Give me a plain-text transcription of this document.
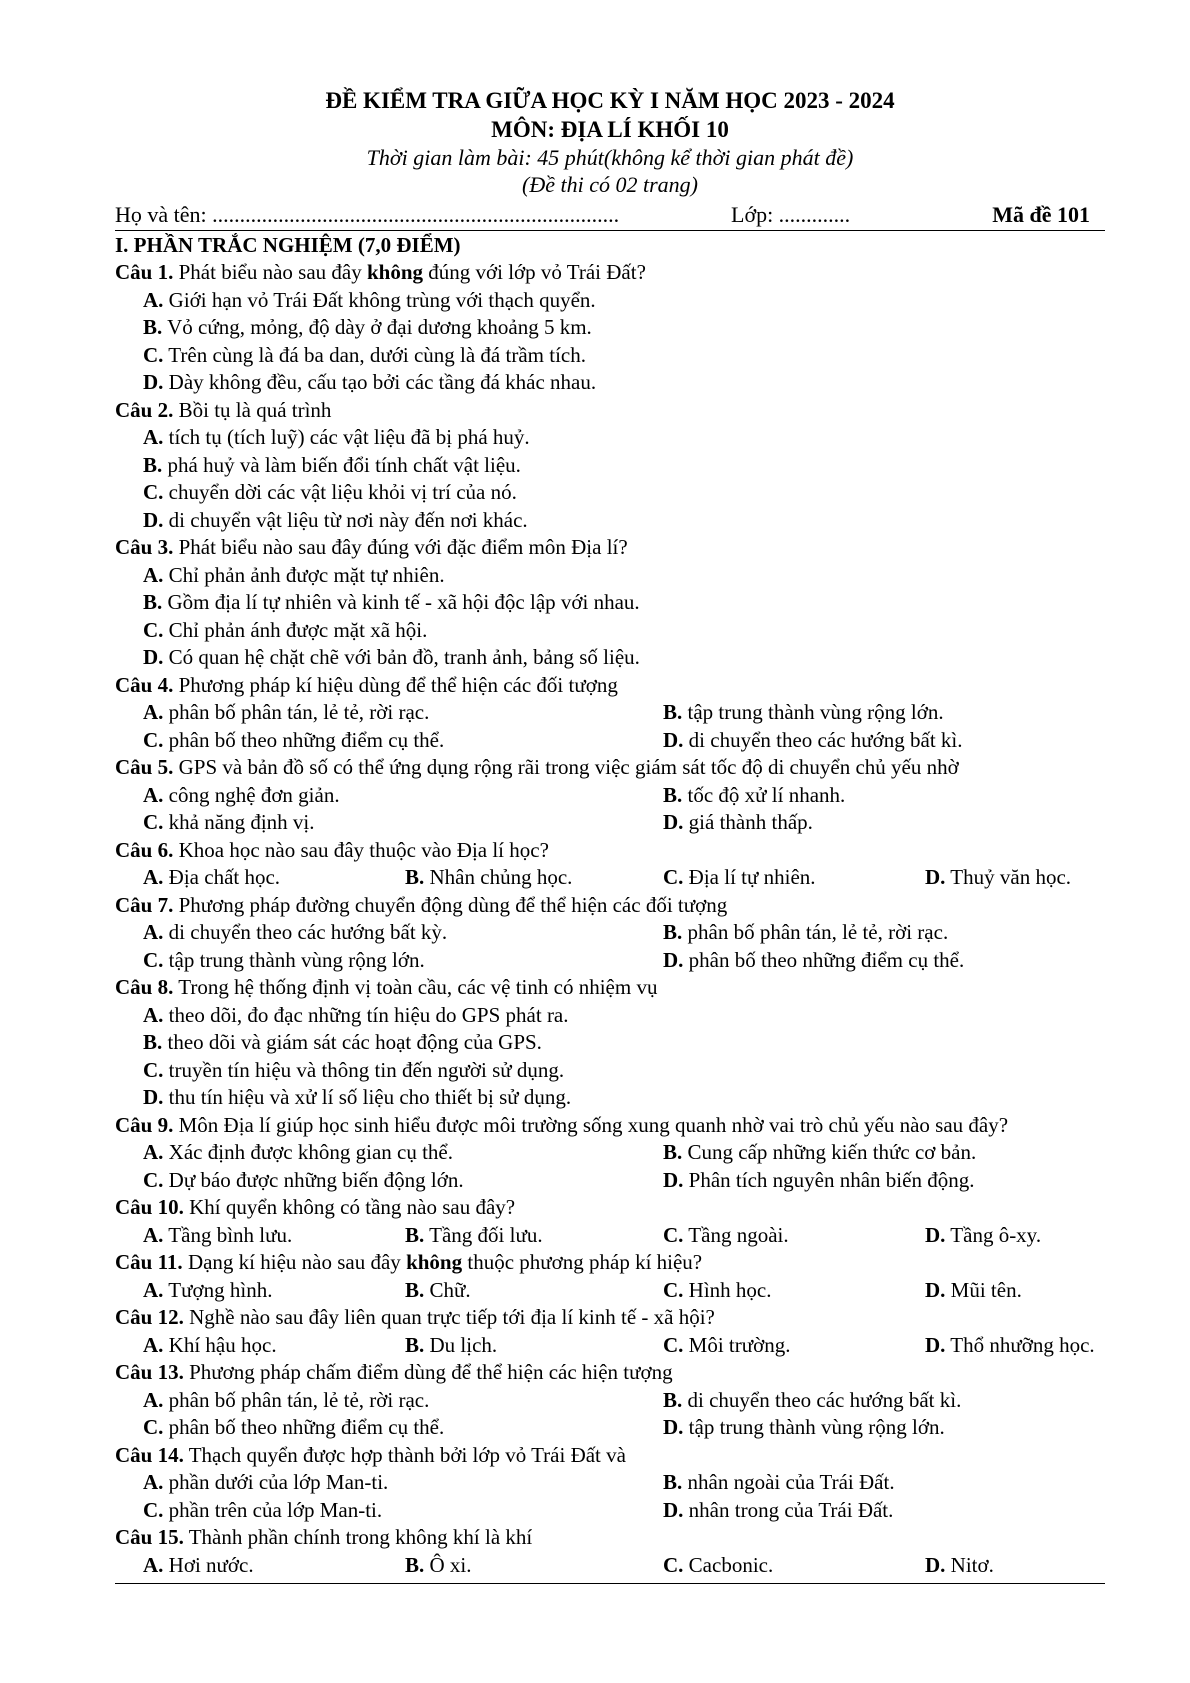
ĐỀ KIỂM TRA GIỮA HỌC KỲ I NĂM HỌC 2023 - 2024
MÔN: ĐỊA LÍ KHỐI 10
Thời gian làm bài: 45 phút(không kể thời gian phát đề)
(Đề thi có 02 trang)
Họ và tên: ..........................................................................	Lớp: .............	Mã đề 101
I. PHẦN TRẮC NGHIỆM (7,0 ĐIỂM)
Câu 1. Phát biểu nào sau đây không đúng với lớp vỏ Trái Đất?
A. Giới hạn vỏ Trái Đất không trùng với thạch quyển.
B. Vỏ cứng, mỏng, độ dày ở đại dương khoảng 5 km.
C. Trên cùng là đá ba dan, dưới cùng là đá trầm tích.
D. Dày không đều, cấu tạo bởi các tầng đá khác nhau.
Câu 2. Bồi tụ là quá trình
A. tích tụ (tích luỹ) các vật liệu đã bị phá huỷ.
B. phá huỷ và làm biến đổi tính chất vật liệu.
C. chuyển dời các vật liệu khỏi vị trí của nó.
D. di chuyển vật liệu từ nơi này đến nơi khác.
Câu 3. Phát biểu nào sau đây đúng với đặc điểm môn Địa lí?
A. Chỉ phản ảnh được mặt tự nhiên.
B. Gồm địa lí tự nhiên và kinh tế - xã hội độc lập với nhau.
C. Chỉ phản ánh được mặt xã hội.
D. Có quan hệ chặt chẽ với bản đồ, tranh ảnh, bảng số liệu.
Câu 4. Phương pháp kí hiệu dùng để thể hiện các đối tượng
A. phân bố phân tán, lẻ tẻ, rời rạc.	B. tập trung thành vùng rộng lớn.
C. phân bố theo những điểm cụ thể.	D. di chuyển theo các hướng bất kì.
Câu 5. GPS và bản đồ số có thể ứng dụng rộng rãi trong việc giám sát tốc độ di chuyển chủ yếu nhờ
A. công nghệ đơn giản.	B. tốc độ xử lí nhanh.
C. khả năng định vị.	D. giá thành thấp.
Câu 6. Khoa học nào sau đây thuộc vào Địa lí học?
A. Địa chất học.	B. Nhân chủng học.	C. Địa lí tự nhiên.	D. Thuỷ văn học.
Câu 7. Phương pháp đường chuyển động dùng để thể hiện các đối tượng
A. di chuyển theo các hướng bất kỳ.	B. phân bố phân tán, lẻ tẻ, rời rạc.
C. tập trung thành vùng rộng lớn.	D. phân bố theo những điểm cụ thể.
Câu 8. Trong hệ thống định vị toàn cầu, các vệ tinh có nhiệm vụ
A. theo dõi, đo đạc những tín hiệu do GPS phát ra.
B. theo dõi và giám sát các hoạt động của GPS.
C. truyền tín hiệu và thông tin đến người sử dụng.
D. thu tín hiệu và xử lí số liệu cho thiết bị sử dụng.
Câu 9. Môn Địa lí giúp học sinh hiểu được môi trường sống xung quanh nhờ vai trò chủ yếu nào sau đây?
A. Xác định được không gian cụ thể.	B. Cung cấp những kiến thức cơ bản.
C. Dự báo được những biến động lớn.	D. Phân tích nguyên nhân biến động.
Câu 10. Khí quyển không có tầng nào sau đây?
A. Tầng bình lưu.	B. Tầng đối lưu.	C. Tầng ngoài.	D. Tầng ô-xy.
Câu 11. Dạng kí hiệu nào sau đây không thuộc phương pháp kí hiệu?
A. Tượng hình.	B. Chữ.	C. Hình học.	D. Mũi tên.
Câu 12. Nghề nào sau đây liên quan trực tiếp tới địa lí kinh tế - xã hội?
A. Khí hậu học.	B. Du lịch.	C. Môi trường.	D. Thổ nhưỡng học.
Câu 13. Phương pháp chấm điểm dùng để thể hiện các hiện tượng
A. phân bố phân tán, lẻ tẻ, rời rạc.	B. di chuyển theo các hướng bất kì.
C. phân bố theo những điểm cụ thể.	D. tập trung thành vùng rộng lớn.
Câu 14. Thạch quyển được hợp thành bởi lớp vỏ Trái Đất và
A. phần dưới của lớp Man-ti.	B. nhân ngoài của Trái Đất.
C. phần trên của lớp Man-ti.	D. nhân trong của Trái Đất.
Câu 15. Thành phần chính trong không khí là khí
A. Hơi nước.	B. Ô xi.	C. Cacbonic.	D. Nitơ.
